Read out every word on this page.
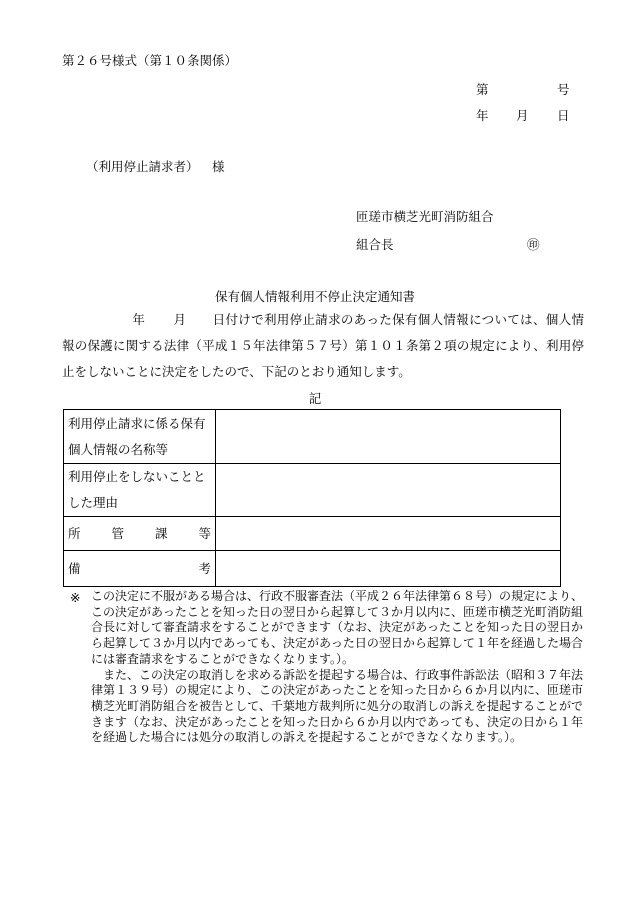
第２６号様式（第１０条関係）
第	号
年 月 日
（利用停止請求者） 様
匝瑳市横芝光町消防組合
組合長	㊞
保有個人情報利用不停止決定通知書
年 月 日付けで利用停止請求のあった保有個人情報については、個人情報の保護に関する法律（平成１５年法律第５７号）第１０１条第２項の規定により、利用停止をしないことに決定をしたので、下記のとおり通知します。
記
利用停止請求に係る保有個人情報の名称等	
利用停止をしないこととした理由	

所 管 課 等	

備 考	

※ この決定に不服がある場合は、行政不服審査法（平成２６年法律第６８号）の規定により、この決定があったことを知った日の翌日から起算して３か月以内に、匝瑳市横芝光町消防組合長に対して審査請求をすることができます（なお、決定があったことを知った日の翌日から起算して３か月以内であっても、決定があった日の翌日から起算して１年を経過した場合には審査請求をすることができなくなります。）。

また、この決定の取消しを求める訴訟を提起する場合は、行政事件訴訟法（昭和３７年法律第１３９号）の規定により、この決定があったことを知った日から６か月以内に、匝瑳市横芝光町消防組合を被告として、千葉地方裁判所に処分の取消しの訴えを提起することができます（なお、決定があったことを知った日から６か月以内であっても、決定の日から１年を経過した場合には処分の取消しの訴えを提起することができなくなります。）。
